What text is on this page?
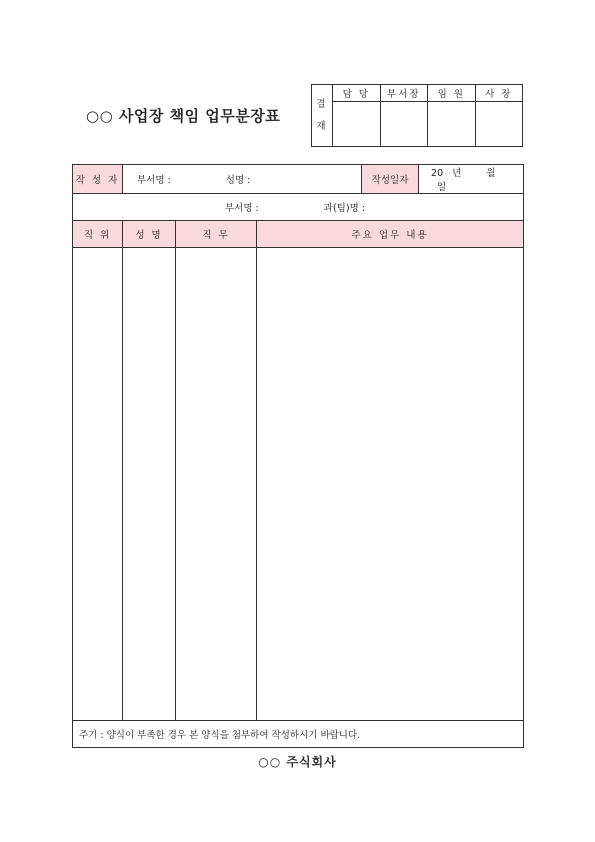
○○ 사업장 책임 업무분장표
결
재	담 당	부서장	임 원	사 장

작 성 자	부서명 : 성명 :			작성일자	20 년 월 일
부서명 : 과(팀)명 :					
직 위	성 명	직 무	주요 업무 내용		

주기 : 양식이 부족한 경우 본 양식을 첨부하여 작성하시기 바랍니다.					
○○ 주식회사
